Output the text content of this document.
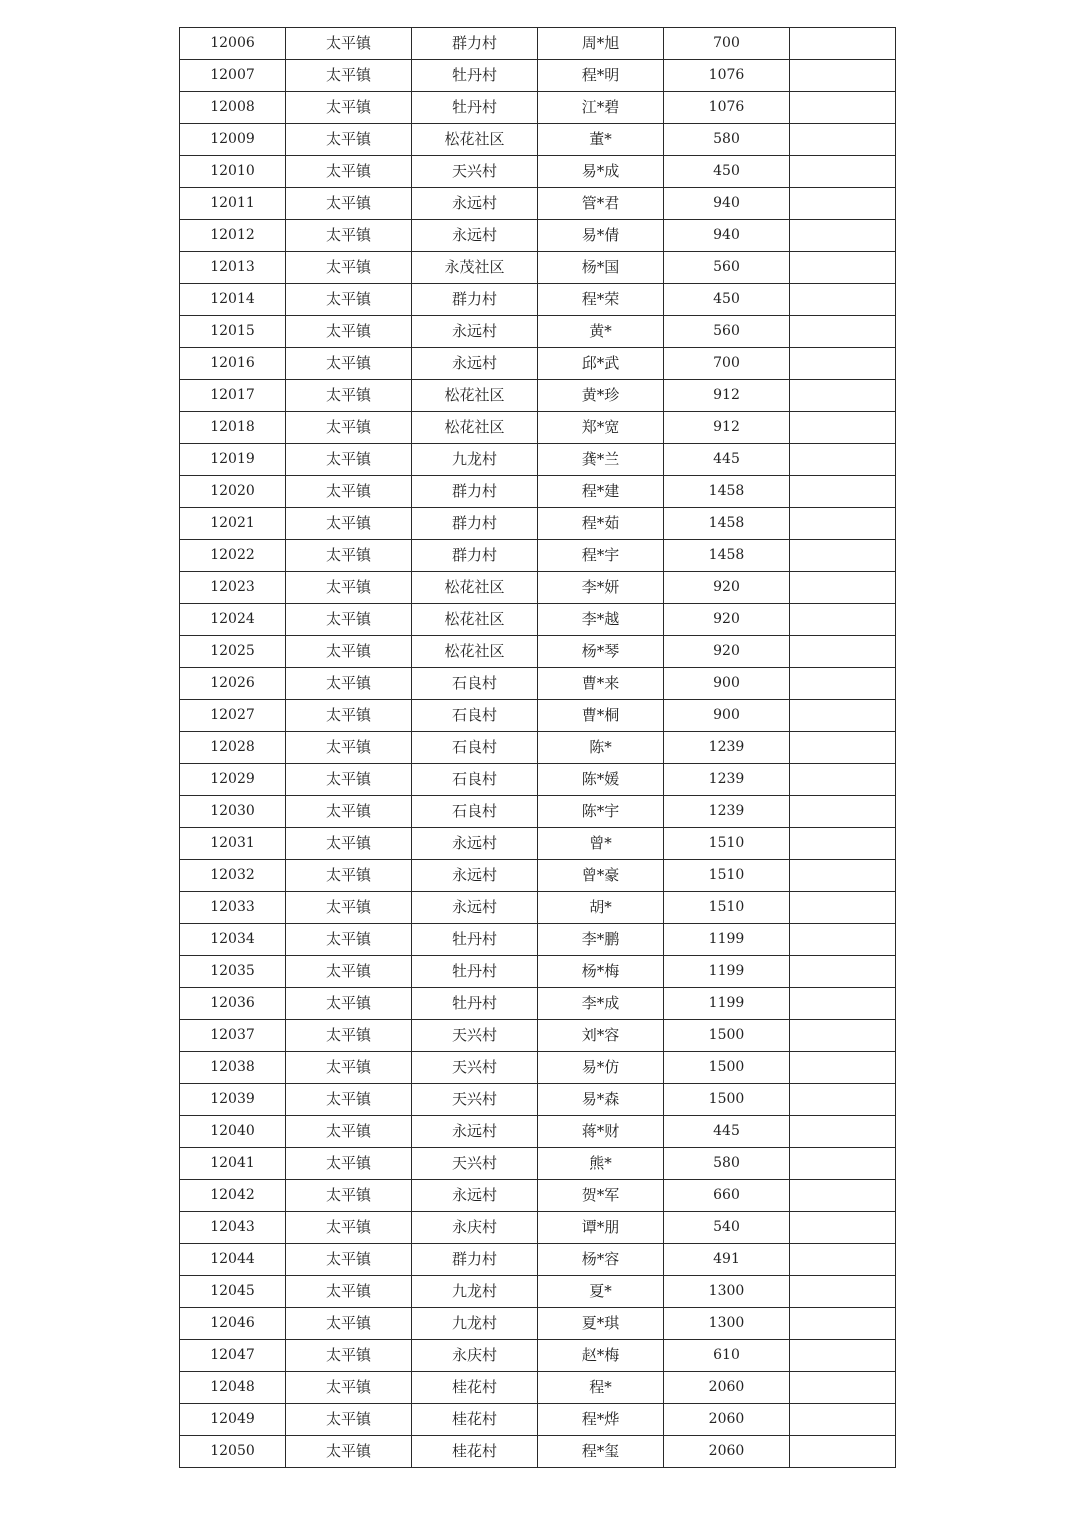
12006	太平镇	群力村	周*旭	700	
12007	太平镇	牡丹村	程*明	1076	
12008	太平镇	牡丹村	江*碧	1076	
12009	太平镇	松花社区	董*	580	
12010	太平镇	天兴村	易*成	450	
12011	太平镇	永远村	管*君	940	
12012	太平镇	永远村	易*倩	940	
12013	太平镇	永茂社区	杨*国	560	
12014	太平镇	群力村	程*荣	450	
12015	太平镇	永远村	黄*	560	
12016	太平镇	永远村	邱*武	700	
12017	太平镇	松花社区	黄*珍	912	
12018	太平镇	松花社区	郑*宽	912	
12019	太平镇	九龙村	龚*兰	445	
12020	太平镇	群力村	程*建	1458	
12021	太平镇	群力村	程*茹	1458	
12022	太平镇	群力村	程*宇	1458	
12023	太平镇	松花社区	李*妍	920	
12024	太平镇	松花社区	李*越	920	
12025	太平镇	松花社区	杨*琴	920	
12026	太平镇	石良村	曹*来	900	
12027	太平镇	石良村	曹*桐	900	
12028	太平镇	石良村	陈*	1239	
12029	太平镇	石良村	陈*媛	1239	
12030	太平镇	石良村	陈*宇	1239	
12031	太平镇	永远村	曾*	1510	
12032	太平镇	永远村	曾*豪	1510	
12033	太平镇	永远村	胡*	1510	
12034	太平镇	牡丹村	李*鹏	1199	
12035	太平镇	牡丹村	杨*梅	1199	
12036	太平镇	牡丹村	李*成	1199	
12037	太平镇	天兴村	刘*容	1500	
12038	太平镇	天兴村	易*仿	1500	
12039	太平镇	天兴村	易*森	1500	
12040	太平镇	永远村	蒋*财	445	
12041	太平镇	天兴村	熊*	580	
12042	太平镇	永远村	贺*军	660	
12043	太平镇	永庆村	谭*朋	540	
12044	太平镇	群力村	杨*容	491	
12045	太平镇	九龙村	夏*	1300	
12046	太平镇	九龙村	夏*琪	1300	
12047	太平镇	永庆村	赵*梅	610	
12048	太平镇	桂花村	程*	2060	
12049	太平镇	桂花村	程*烨	2060	
12050	太平镇	桂花村	程*玺	2060	
